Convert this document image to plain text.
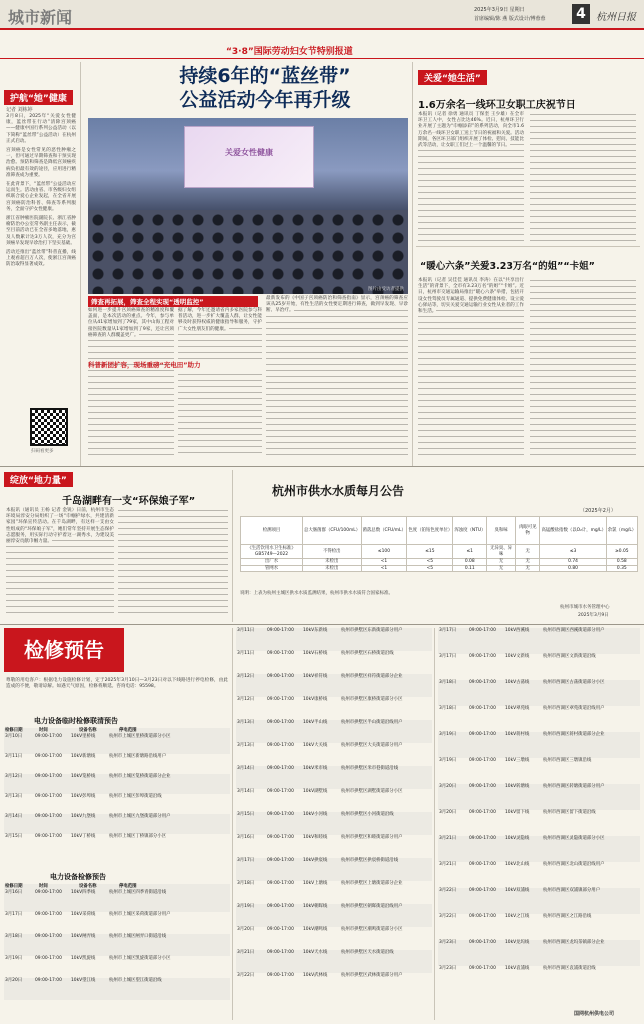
城市新闻	2025年3月9日 星期日
首席编辑/陈 燕 版式设计/傅蓉蓉 4	杭州日报
“3·8”国际劳动妇女节特别报道
护航“她”健康
记者 刘栋婷

3月8日，2025年“关爱女性健康，蓝丝带在行动”清除宫颈癌——健康中国行系列公益活动（以下简称“蓝丝带”公益活动）在杭州正式启动。

宫颈癌是女性常见的恶性肿瘤之一，但可通过早期筛查和干预实现治愈。预防和筛查是降低宫颈癌疾病负担最有效的途径，应用进行精准筛查成为重要。

在此背景下，“蓝丝带”公益活动应运而生。活动由省、市各级妇女组织联合爱心企业发起，在全省开展宫颈癌防治科普、筛查等系列服务，全面守护女性健康。

浙江省肿瘤医院副院长、浙江省肿瘤防治办公室常务副主任表示，截至目前活动已在全省多地落地，惠及人数累计达3万人次，充分为宫颈癌早发现早诊治打下坚实基础。

活动还推出“蓝丝带”科普直播，线上观看超百万人次，使浙江宫颈癌防治取得显著成效。

扫码看更多
持续6年的“蓝丝带”
公益活动今年再升级
关爱女性健康
图片由受访者提供
筛查再拓展，筛查全程实现“透明监控”
如何进一步提升宫颈癌筛查的精准度和覆盖面，是本次活动的重点。今年，参与单位从41家增加到了79家，其中山海工程对接医院数量从1家增加到了9家，还让宫颈癌筛查的人群覆盖更广。
据了解，今年还邀请省内多家医院参与科普活动，进一步扩大覆盖人群，让女性能够及时获得权威的健康指导和服务，守护广大女性朋友们的健康。
科普新团扩容，现场重磅“充电田”助力
最新发布的《中国子宫颈癌防治和筛查指南》显示，宫颈癌的筛查应该从25岁开始，有性生活的女性要定期进行筛查，做到早发现、早诊断、早治疗。
关爱“她生活”
1.6万余名一线环卫女职工庆祝节日
本报讯（记者 徐勇 通讯员 丁保奎 王少雄）在全市环卫工人中，女性占比达46%。近日，杭州环卫行业开展了主题为“巾帼添彩”的系列活动，向全市1.6万余名一线环卫女职工送上节日的祝福和关爱。活动期间，各区环卫部门组织开展了体检、慰问、技能比武等活动，让女职工们过上一个温馨的节日。
“暖心六条”关爱3.23万名“的姐”“卡姐”
本报讯（记者 吴佳佳 通讯员 李涛）在以“共享出行生活”的背景下，全市有3.23万名“的姐”“卡姐”。近日，杭州市交通运输局推出“暖心六条”举措，包括开设女性驾驶员专属通道、提供免费健康体检、设立爱心驿站等，切实关爱交通运输行业女性从业者的工作和生活。
绽放“地力量”
千岛湖畔有一支“环保娘子军”
本报讯（通讯员 王杨 记者 金锐）日前，杭州市生态环境局淳安分局组织了一场“巾帼护绿水，共建清新家园”环保宣传活动。在千岛湖畔，有这样一支由女性组成的“环保娘子军”，她们常年坚持开展生态保护志愿服务，用实际行动守护着这一湖秀水，为建设美丽淳安贡献巾帼力量。
杭州市供水水质每月公告
（2025年2月）
检测项目	总大肠菌群（CFU/100mL）	菌落总数（CFU/mL）	色度（铂钴色度单位）	浑浊度（NTU）	臭和味	肉眼可见物	高锰酸盐指数（以O₂计，mg/L）	余氯（mg/L）
《生活饮用水卫生标准》GB5749—2022	不得检出	≤100	≤15	≤1	无异臭、异味	无	≤3	≥0.05
出厂水	未检出	<1	<5	0.08	无	无	0.74	0.58
管网水	未检出	<1	<5	0.11	无	无	0.80	0.35
说明：上表为杭州主城区供水水质监测结果，杭州市供水水质符合国家标准。
杭州市城市水务管理中心
2025年3月9日
检修预告
尊敬的用电客户：根据电力设施检修计划，定于2025年3月10日—3月23日对以下线路进行停电检修，由此造成的不便，敬请谅解。如遇天气原因，检修将顺延。咨询电话：95598。
电力设备临时检修联清预告
检修日期	时间	设备名称	停电范围
3月10日	09:00-17:00	10kV里桥线	杭州市上城区里桥街道部分小区
3月11日	09:00-17:00	10kV新塘线	杭州市上城区新塘路沿线用户
3月12日	09:00-17:00	10kV笕桥线	杭州市上城区笕桥街道部分企业
3月13日	09:00-17:00	10kV彭埠线	杭州市上城区彭埠街道沿线
3月14日	09:00-17:00	10kV九堡线	杭州市上城区九堡街道部分用户
3月15日	09:00-17:00	10kV丁桥线	杭州市上城区丁桥镇部分小区
电力设备检修预告
检修日期	时间	设备名称	停电范围
3月16日	09:00-17:00	10kV四季线	杭州市上城区四季青街道沿线
3月17日	09:00-17:00	10kV采荷线	杭州市上城区采荷街道部分用户
3月18日	09:00-17:00	10kV闸弄线	杭州市上城区闸弄口街道沿线
3月19日	09:00-17:00	10kV凯旋线	杭州市上城区凯旋街道部分小区
3月20日	09:00-17:00	10kV望江线	杭州市上城区望江街道沿线
3月11日	09:00-17:00	10kV东新线	杭州市拱墅区东新街道部分用户
3月11日	09:00-17:00	10kV石桥线	杭州市拱墅区石桥街道沿线
3月12日	09:00-17:00	10kV祥符线	杭州市拱墅区祥符街道部分企业
3月12日	09:00-17:00	10kV康桥线	杭州市拱墅区康桥街道部分小区
3月13日	09:00-17:00	10kV半山线	杭州市拱墅区半山街道沿线用户
3月13日	09:00-17:00	10kV大关线	杭州市拱墅区大关街道部分用户
3月14日	09:00-17:00	10kV米市线	杭州市拱墅区米市巷街道沿线
3月14日	09:00-17:00	10kV湖墅线	杭州市拱墅区湖墅街道部分小区
3月15日	09:00-17:00	10kV小河线	杭州市拱墅区小河街道沿线
3月16日	09:00-17:00	10kV和睦线	杭州市拱墅区和睦街道部分用户
3月17日	09:00-17:00	10kV拱宸线	杭州市拱墅区拱宸桥街道沿线
3月18日	09:00-17:00	10kV上塘线	杭州市拱墅区上塘街道部分企业
3月19日	09:00-17:00	10kV朝晖线	杭州市拱墅区朝晖街道沿线用户
3月20日	09:00-17:00	10kV潮鸣线	杭州市拱墅区潮鸣街道部分小区
3月21日	09:00-17:00	10kV天水线	杭州市拱墅区天水街道沿线
3月22日	09:00-17:00	10kV武林线	杭州市拱墅区武林街道部分用户
3月17日	09:00-17:00	10kV西溪线	杭州市西湖区西溪街道部分用户
3月17日	09:00-17:00	10kV文新线	杭州市西湖区文新街道沿线
3月18日	09:00-17:00	10kV古荡线	杭州市西湖区古荡街道部分小区
3月18日	09:00-17:00	10kV翠苑线	杭州市西湖区翠苑街道沿线用户
3月19日	09:00-17:00	10kV蒋村线	杭州市西湖区蒋村街道部分企业
3月19日	09:00-17:00	10kV三墩线	杭州市西湖区三墩镇沿线
3月20日	09:00-17:00	10kV转塘线	杭州市西湖区转塘街道部分用户
3月20日	09:00-17:00	10kV留下线	杭州市西湖区留下街道沿线
3月21日	09:00-17:00	10kV灵隐线	杭州市西湖区灵隐街道部分小区
3月21日	09:00-17:00	10kV北山线	杭州市西湖区北山街道沿线用户
3月22日	09:00-17:00	10kV双浦线	杭州市西湖区双浦镇部分用户
3月22日	09:00-17:00	10kV之江线	杭州市西湖区之江路沿线
3月23日	09:00-17:00	10kV龙坞线	杭州市西湖区龙坞茶镇部分企业
3月23日	09:00-17:00	10kV袁浦线	杭州市西湖区袁浦街道沿线
国网杭州供电公司
